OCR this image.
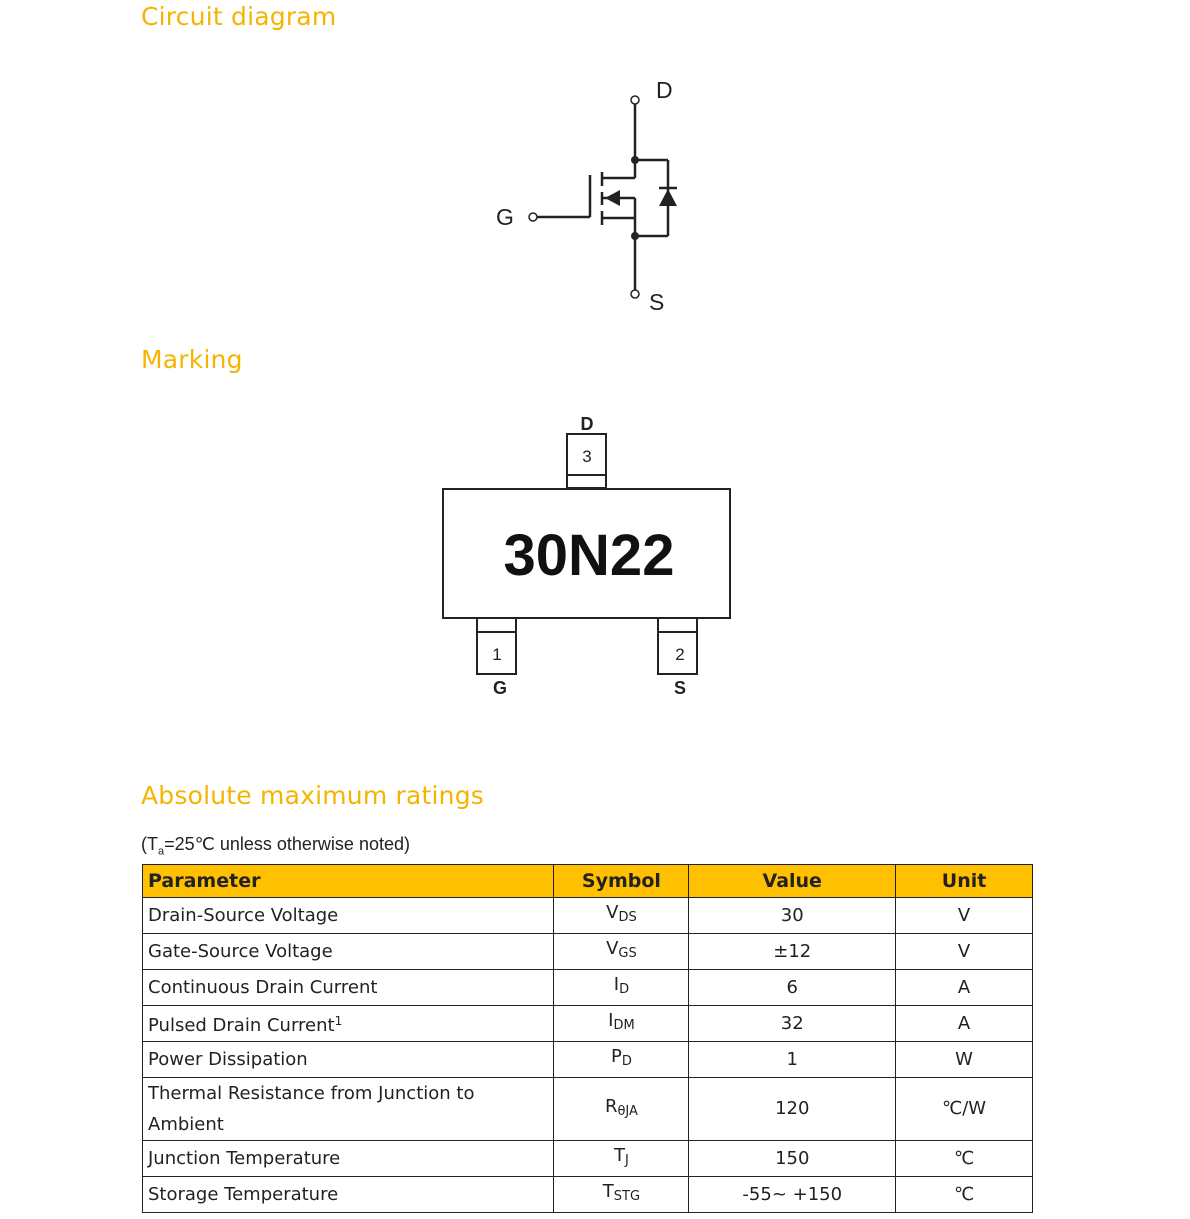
Circuit diagram
D
G
S
Marking
D
3
30N22
1
G
2
S
Absolute maximum ratings
($T_a=25℃$ unless otherwise noted)
Parameter	Symbol	Value	Unit
Drain-Source Voltage	$V_{DS}$	30	V
Gate-Source Voltage	$V_{GS}$	±12	V
Continuous Drain Current	$I_D$	6	A
Pulsed Drain Current$^1$	$I_{DM}$	32	A
Power Dissipation	$P_D$	1	W
Thermal Resistance from Junction to Ambient	$R_{\theta JA}$	120	℃/W
Junction Temperature	$T_J$	150	℃
Storage Temperature	$T_{STG}$	-55~ +150	℃
